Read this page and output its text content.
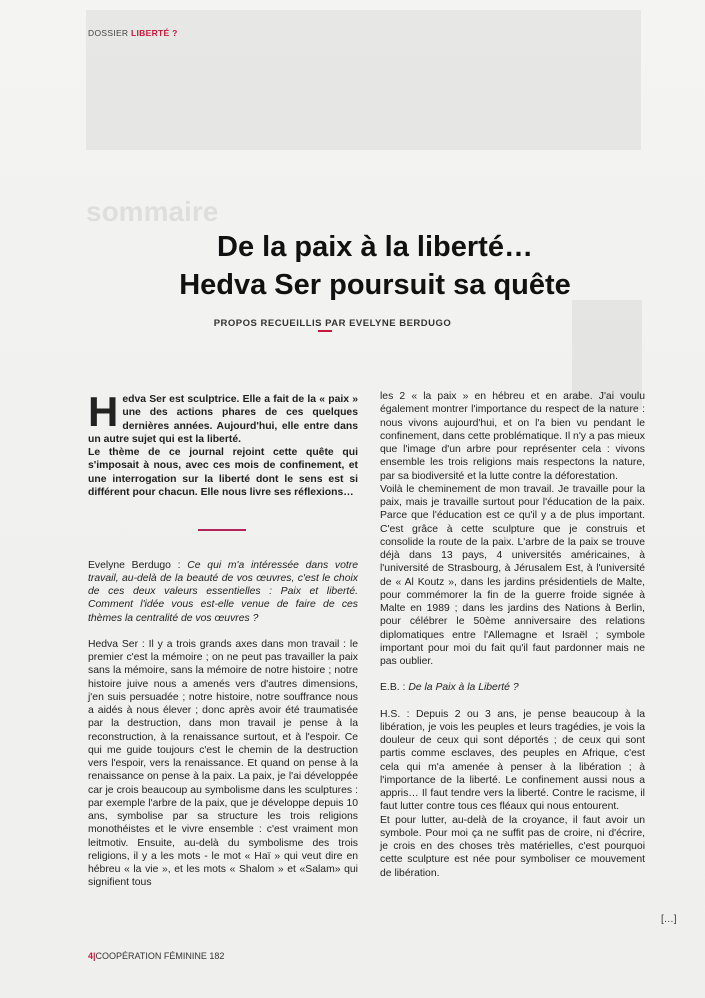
sommaire
DOSSIER LIBERTÉ ?
De la paix à la liberté…
Hedva Ser poursuit sa quête
PROPOS RECUEILLIS PAR EVELYNE BERDUGO

Hedva Ser est sculptrice. Elle a fait de la « paix » une des actions phares de ces quelques dernières années. Aujourd'hui, elle entre dans un autre sujet qui est la liberté.

Le thème de ce journal rejoint cette quête qui s'imposait à nous, avec ces mois de confinement, et une interrogation sur la liberté dont le sens est si différent pour chacun. Elle nous livre ses réflexions…

Evelyne Berdugo : Ce qui m'a intéressée dans votre travail, au-delà de la beauté de vos œuvres, c'est le choix de ces deux valeurs essentielles : Paix et liberté. Comment l'idée vous est-elle venue de faire de ces thèmes la centralité de vos œuvres ?

Hedva Ser : Il y a trois grands axes dans mon travail : le premier c'est la mémoire ; on ne peut pas travailler la paix sans la mémoire, sans la mémoire de notre histoire ; notre histoire juive nous a amenés vers d'autres dimensions, j'en suis persuadée ; notre histoire, notre souffrance nous a aidés à nous élever ; donc après avoir été traumatisée par la destruction, dans mon travail je pense à la reconstruction, à la renaissance surtout, et à l'espoir. Ce qui me guide toujours c'est le chemin de la destruction vers l'espoir, vers la renaissance. Et quand on pense à la renaissance on pense à la paix. La paix, je l'ai développée car je crois beaucoup au symbolisme dans les sculptures : par exemple l'arbre de la paix, que je développe depuis 10 ans, symbolise par sa structure les trois religions monothéistes et le vivre ensemble : c'est vraiment mon leitmotiv. Ensuite, au-delà du symbolisme des trois religions, il y a les mots - le mot « Haï » qui veut dire en hébreu « la vie », et les mots « Shalom » et «Salam» qui signifient tous

les 2 « la paix » en hébreu et en arabe. J'ai voulu également montrer l'importance du respect de la nature : nous vivons aujourd'hui, et on l'a bien vu pendant le confinement, dans cette problématique. Il n'y a pas mieux que l'image d'un arbre pour représenter cela : vivons ensemble les trois religions mais respectons la nature, par sa biodiversité et la lutte contre la déforestation.

Voilà le cheminement de mon travail. Je travaille pour la paix, mais je travaille surtout pour l'éducation de la paix. Parce que l'éducation est ce qu'il y a de plus important. C'est grâce à cette sculpture que je construis et consolide la route de la paix. L'arbre de la paix se trouve déjà dans 13 pays, 4 universités américaines, à l'université de Strasbourg, à Jérusalem Est, à l'université de « Al Koutz », dans les jardins présidentiels de Malte, pour commémorer la fin de la guerre froide signée à Malte en 1989 ; dans les jardins des Nations à Berlin, pour célébrer le 50ème anniversaire des relations diplomatiques entre l'Allemagne et Israël ; symbole important pour moi du fait qu'il faut pardonner mais ne pas oublier.

E.B. : De la Paix à la Liberté ?

H.S. : Depuis 2 ou 3 ans, je pense beaucoup à la libération, je vois les peuples et leurs tragédies, je vois la douleur de ceux qui sont déportés ; de ceux qui sont partis comme esclaves, des peuples en Afrique, c'est cela qui m'a amenée à penser à la libération ; à l'importance de la liberté. Le confinement aussi nous a appris… Il faut tendre vers la liberté. Contre le racisme, il faut lutter contre tous ces fléaux qui nous entourent.

Et pour lutter, au-delà de la croyance, il faut avoir un symbole. Pour moi ça ne suffit pas de croire, ni d'écrire, je crois en des choses très matérielles, c'est pourquoi cette sculpture est née pour symboliser ce mouvement de libération.

[…]
4|COOPÉRATION FÉMININE 182
